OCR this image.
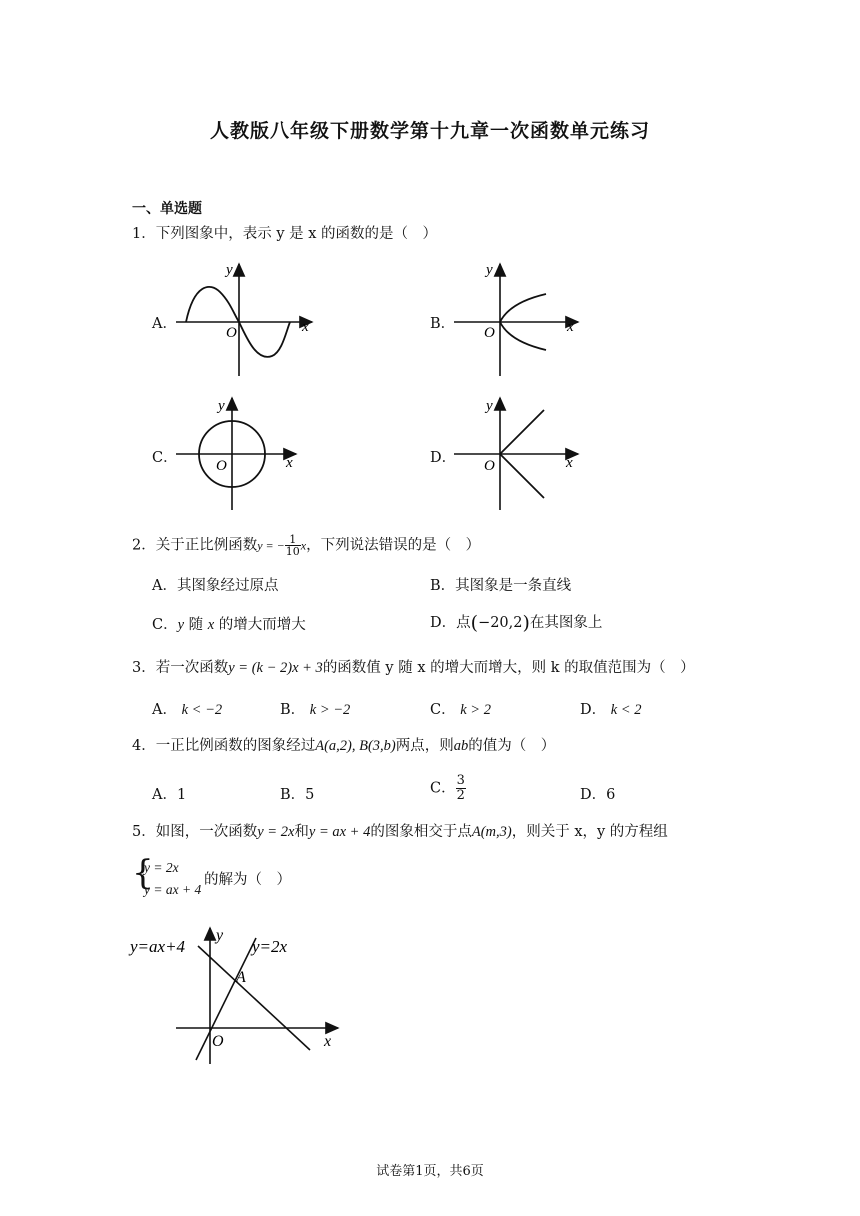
人教版八年级下册数学第十九章一次函数单元练习
一、单选题
1．下列图象中，表示 y 是 x 的函数的是（　）
A．
O	x
y
B．
O	x
y
C．	O	x
y
D． O	x
y
2．关于正比例函数y = − $\frac{1}{10}$ x，下列说法错误的是（　）
A．其图象经过原点	B．其图象是一条直线
C．y 随 x 的增大而增大	D．点(−20,2)在其图象上
3．若一次函数y = (k − 2)x + 3的函数值 y 随 x 的增大而增大，则 k 的取值范围为（　）
A． k < −2	B． k > −2	C． k > 2	D． k < 2
4．一正比例函数的图象经过A(a,2), B(3,b)两点，则ab的值为（　）
A．1	B．5	C． $\frac{3}{2}$	D．6
5．如图，一次函数y = 2x和y = ax + 4的图象相交于点A(m,3)，则关于 x，y 的方程组
{
y = 2x
y = ax + 4
的解为（　）
y=ax+4	y=2x
y
A
O	x
试卷第1页，共6页
